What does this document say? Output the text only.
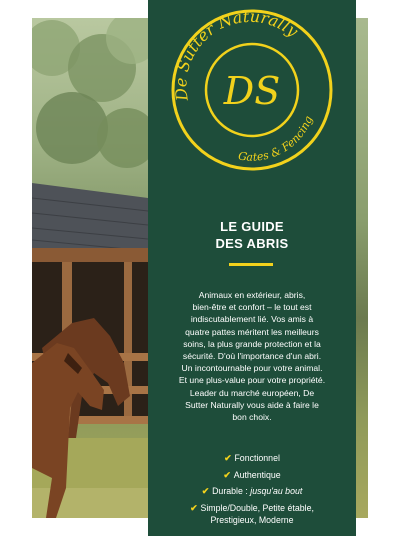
De Sutter Naturally
Gates & Fencing
DS
LE GUIDE
DES ABRIS
Animaux en extérieur, abris,
bien-être et confort – le tout est
indiscutablement lié. Vos amis à
quatre pattes méritent les meilleurs
soins, la plus grande protection et la
sécurité. D'où l'importance d'un abri.
Un incontournable pour votre animal.
Et une plus-value pour votre propriété.
Leader du marché européen, De
Sutter Naturally vous aide à faire le
bon choix.
✔ Fonctionnel
✔ Authentique
✔ Durable : jusqu'au bout
✔ Simple/Double, Petite étable,
Prestigieux, Moderne
